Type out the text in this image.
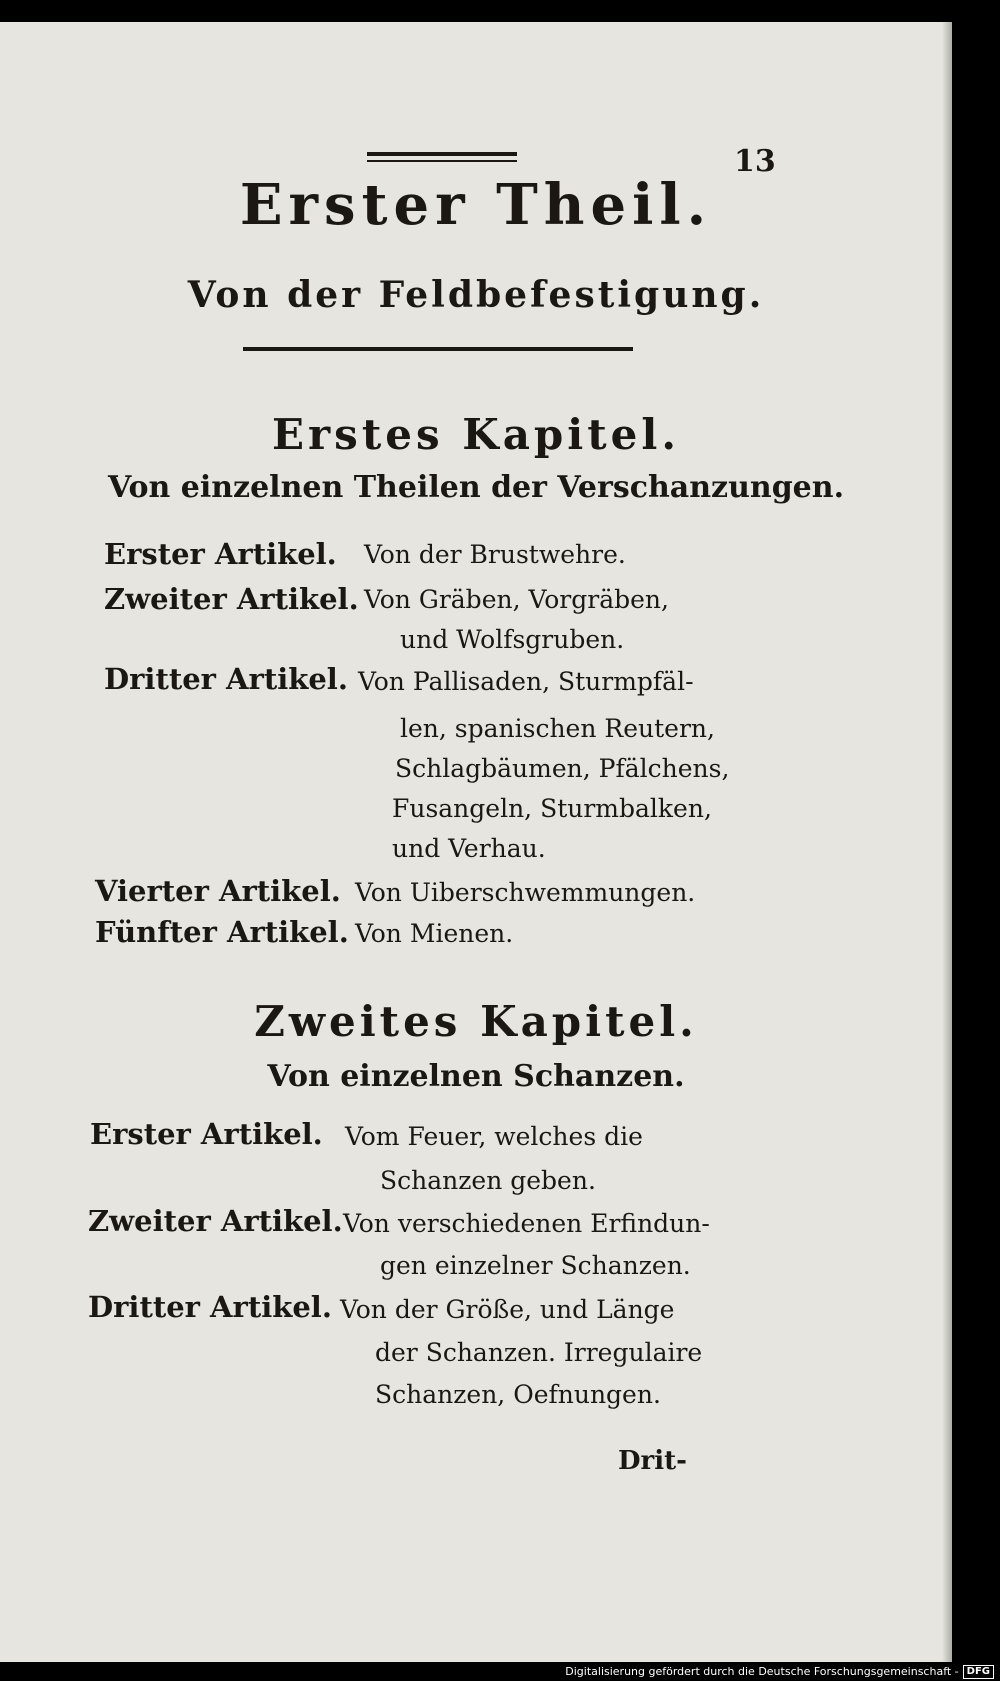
13
Erster Theil.
Von der Feldbefestigung.
Erstes Kapitel.
Von einzelnen Theilen der Verschanzungen.
Erster Artikel. Von der Brustwehre.
Zweiter Artikel. Von Gräben, Vorgräben,
und Wolfsgruben.
Dritter Artikel. Von Pallisaden, Sturmpfäl-
len, spanischen Reutern,
Schlagbäumen, Pfälchens,
Fusangeln, Sturmbalken,
und Verhau.
Vierter Artikel. Von Uiberschwemmungen.
Fünfter Artikel. Von Mienen.
Zweites Kapitel.
Von einzelnen Schanzen.
Erster Artikel. Vom Feuer, welches die
Schanzen geben.
Zweiter Artikel. Von verschiedenen Erfindun-
gen einzelner Schanzen.
Dritter Artikel. Von der Größe, und Länge
der Schanzen. Irregulaire
Schanzen, Oefnungen.
Drit-
Digitalisierung gefördert durch die Deutsche Forschungsgemeinschaft - DFG
